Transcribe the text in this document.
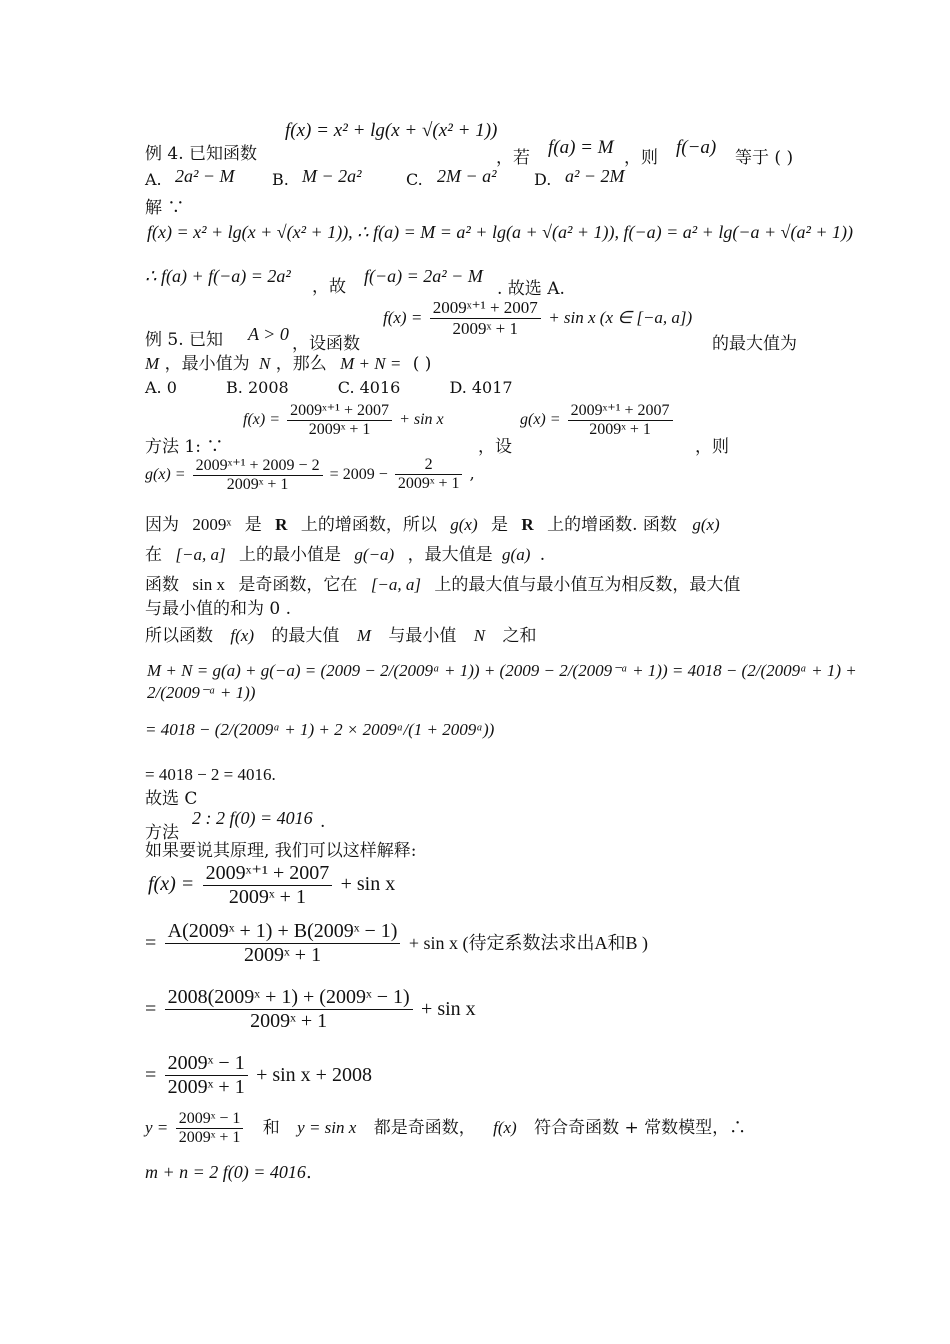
例 4. 已知函数
f(x) = x² + lg(x + √(x² + 1))
，若 f(a) = M ，则 f(−a) 等于 ( )
A. 2a² − M B. M − 2a²	C. 2M − a² D. a² − 2M
解 ∵
f(x) = x² + lg(x + √(x² + 1)), ∴ f(a) = M = a² + lg(a + √(a² + 1)), f(−a) = a² + lg(−a + √(a² + 1))
∴ f(a) + f(−a) = 2a²
，故
f(−a) = 2a² − M
. 故选 A.
例 5. 已知 A > 0 ，设函数
$f(x) = \frac{\text{2009ˣ⁺¹ + 2007}}{\text{2009ˣ + 1}} + \sin x$ (x ∈ [−a, a])
的最大值为
M ，最小值为 N ，那么 M + N = ( )
A. 0	B. 2008	C. 4016	D. 4017
方法 1: ∵
$f(x) = \frac{\text{2009ˣ⁺¹ + 2007}}{\text{2009ˣ + 1}} + \sin x$
，设
$g(x) = \frac{\text{2009ˣ⁺¹ + 2007}}{\text{2009ˣ + 1}}$
，则
$g(x) = \frac{\text{2009ˣ⁺¹ + 2009 − 2}}{\text{2009ˣ + 1}} = 2009 - \frac{2}{\text{2009ˣ + 1}}$ ,
因为 2009ˣ 是 R 上的增函数，所以 g(x) 是 R 上的增函数. 函数 g(x)
在 [−a, a] 上的最小值是 g(−a) ，最大值是 g(a) .
函数 sin x 是奇函数，它在 [−a, a] 上的最大值与最小值互为相反数，最大值
与最小值的和为 0 .
所以函数 f(x) 的最大值 M 与最小值 N 之和
M + N = g(a) + g(−a) = (2009 − 2/(2009ᵃ + 1)) + (2009 − 2/(2009⁻ᵃ + 1)) = 4018 − (2/(2009ᵃ + 1) + 2/(2009⁻ᵃ + 1))
= 4018 − (2/(2009ᵃ + 1) + 2 × 2009ᵃ/(1 + 2009ᵃ))
= 4018 − 2 = 4016.
故选 C
方法
2 : 2 f(0) = 4016 .
如果要说其原理, 我们可以这样解释:
$f(x) = \frac{\text{2009ˣ⁺¹ + 2007}}{\text{2009ˣ + 1}} + \sin x$
= $\frac{\text{A(2009ˣ + 1) + B(2009ˣ − 1)}}{\text{2009ˣ + 1}} + \sin x$ (待定系数法求出A和B )
= $\frac{\text{2008(2009ˣ + 1) + (2009ˣ − 1)}}{\text{2009ˣ + 1}} + \sin x$
= $\frac{\text{2009ˣ − 1}}{\text{2009ˣ + 1}} + \sin x + 2008$
$y = \frac{\text{2009ˣ − 1}}{\text{2009ˣ + 1}}$ 和 y = sin x 都是奇函数， f(x) 符合奇函数 + 常数模型，∴
m + n = 2 f(0) = 4016.
